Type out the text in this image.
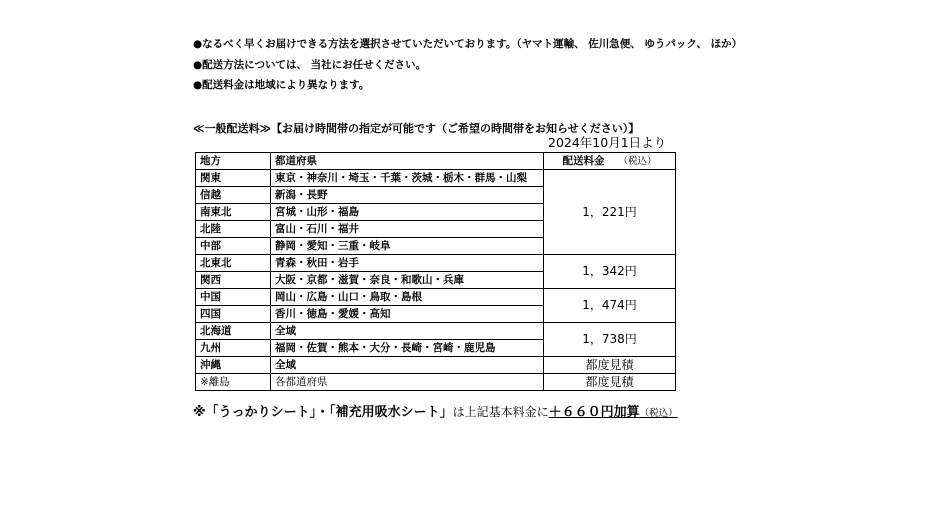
●なるべく早くお届けできる方法を選択させていただいております。（ヤマト運輸、 佐川急便、 ゆうパック、 ほか）
●配送方法については、 当社にお任せください。
●配送料金は地域により異なります。
≪一般配送料≫【お届け時間帯の指定が可能です（ご希望の時間帯をお知らせください）】
2024年10月1日より
地方	都道府県	配送料金 （税込）
関東	東京・神奈川・埼玉・千葉・茨城・栃木・群馬・山梨	1，221円
信越	新潟・長野	
南東北	宮城・山形・福島	
北陸	富山・石川・福井	
中部	静岡・愛知・三重・岐阜	
北東北	青森・秋田・岩手	1，342円
関西	大阪・京都・滋賀・奈良・和歌山・兵庫	
中国	岡山・広島・山口・鳥取・島根	1，474円
四国	香川・徳島・愛媛・高知	
北海道	全域	1，738円
九州	福岡・佐賀・熊本・大分・長崎・宮崎・鹿児島	
沖縄	全域	都度見積
※離島	各都道府県	都度見積
※「うっかりシート」・「補充用吸水シート」は上記基本料金に＋６６０円加算（税込）
